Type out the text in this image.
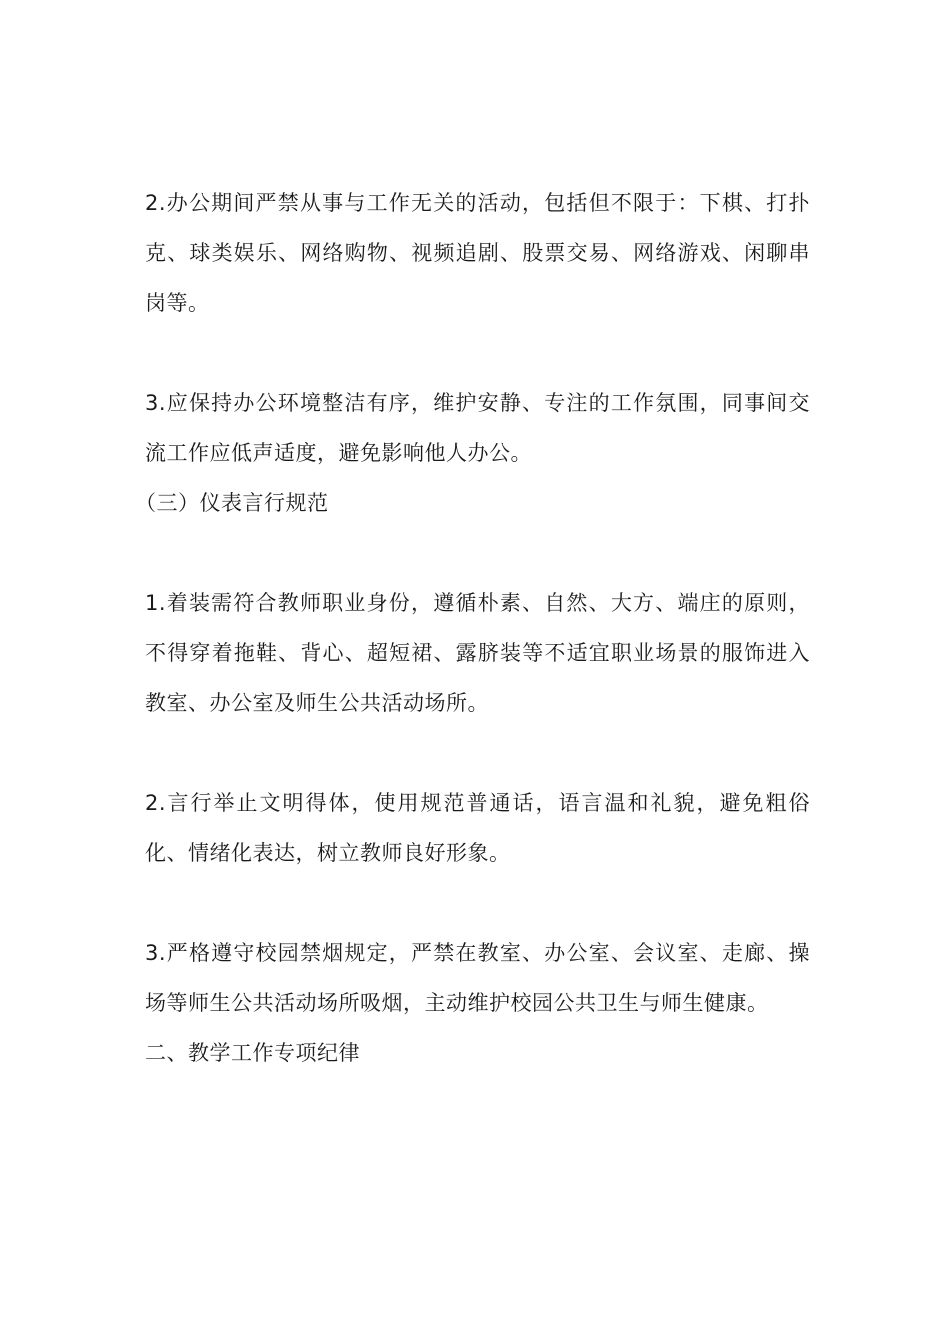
2.办公期间严禁从事与工作无关的活动，包括但不限于：下棋、打扑克、球类娱乐、网络购物、视频追剧、股票交易、网络游戏、闲聊串岗等。

3.应保持办公环境整洁有序，维护安静、专注的工作氛围，同事间交流工作应低声适度，避免影响他人办公。

（三）仪表言行规范

1.着装需符合教师职业身份，遵循朴素、自然、大方、端庄的原则，不得穿着拖鞋、背心、超短裙、露脐装等不适宜职业场景的服饰进入教室、办公室及师生公共活动场所。

2.言行举止文明得体，使用规范普通话，语言温和礼貌，避免粗俗化、情绪化表达，树立教师良好形象。

3.严格遵守校园禁烟规定，严禁在教室、办公室、会议室、走廊、操场等师生公共活动场所吸烟，主动维护校园公共卫生与师生健康。

二、教学工作专项纪律
